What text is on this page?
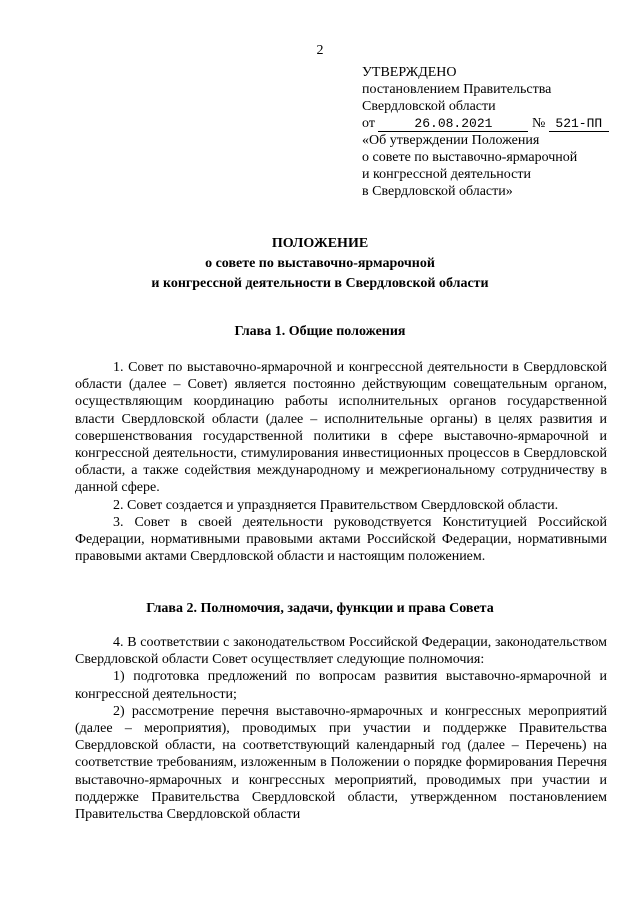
2
УТВЕРЖДЕНО
постановлением Правительства
Свердловской области
от	26.08.2021	№ 521-ПП
«Об утверждении Положения
о совете по выставочно-ярмарочной
и конгрессной деятельности
в Свердловской области»
ПОЛОЖЕНИЕ
о совете по выставочно-ярмарочной
и конгрессной деятельности в Свердловской области
Глава 1. Общие положения

1. Совет по выставочно-ярмарочной и конгрессной деятельности в Свердловской области (далее – Совет) является постоянно действующим совещательным органом, осуществляющим координацию работы исполнительных органов государственной власти Свердловской области (далее – исполнительные органы) в целях развития и совершенствования государственной политики в сфере выставочно-ярмарочной и конгрессной деятельности, стимулирования инвестиционных процессов в Свердловской области, а также содействия международному и межрегиональному сотрудничеству в данной сфере.

2. Совет создается и упраздняется Правительством Свердловской области.

3. Совет в своей деятельности руководствуется Конституцией Российской Федерации, нормативными правовыми актами Российской Федерации, нормативными правовыми актами Свердловской области и настоящим положением.

Глава 2. Полномочия, задачи, функции и права Совета

4. В соответствии с законодательством Российской Федерации, законодательством Свердловской области Совет осуществляет следующие полномочия:

1) подготовка предложений по вопросам развития выставочно-ярмарочной и конгрессной деятельности;

2) рассмотрение перечня выставочно-ярмарочных и конгрессных мероприятий (далее – мероприятия), проводимых при участии и поддержке Правительства Свердловской области, на соответствующий календарный год (далее – Перечень) на соответствие требованиям, изложенным в Положении о порядке формирования Перечня выставочно-ярмарочных и конгрессных мероприятий, проводимых при участии и поддержке Правительства Свердловской области, утвержденном постановлением Правительства Свердловской области
